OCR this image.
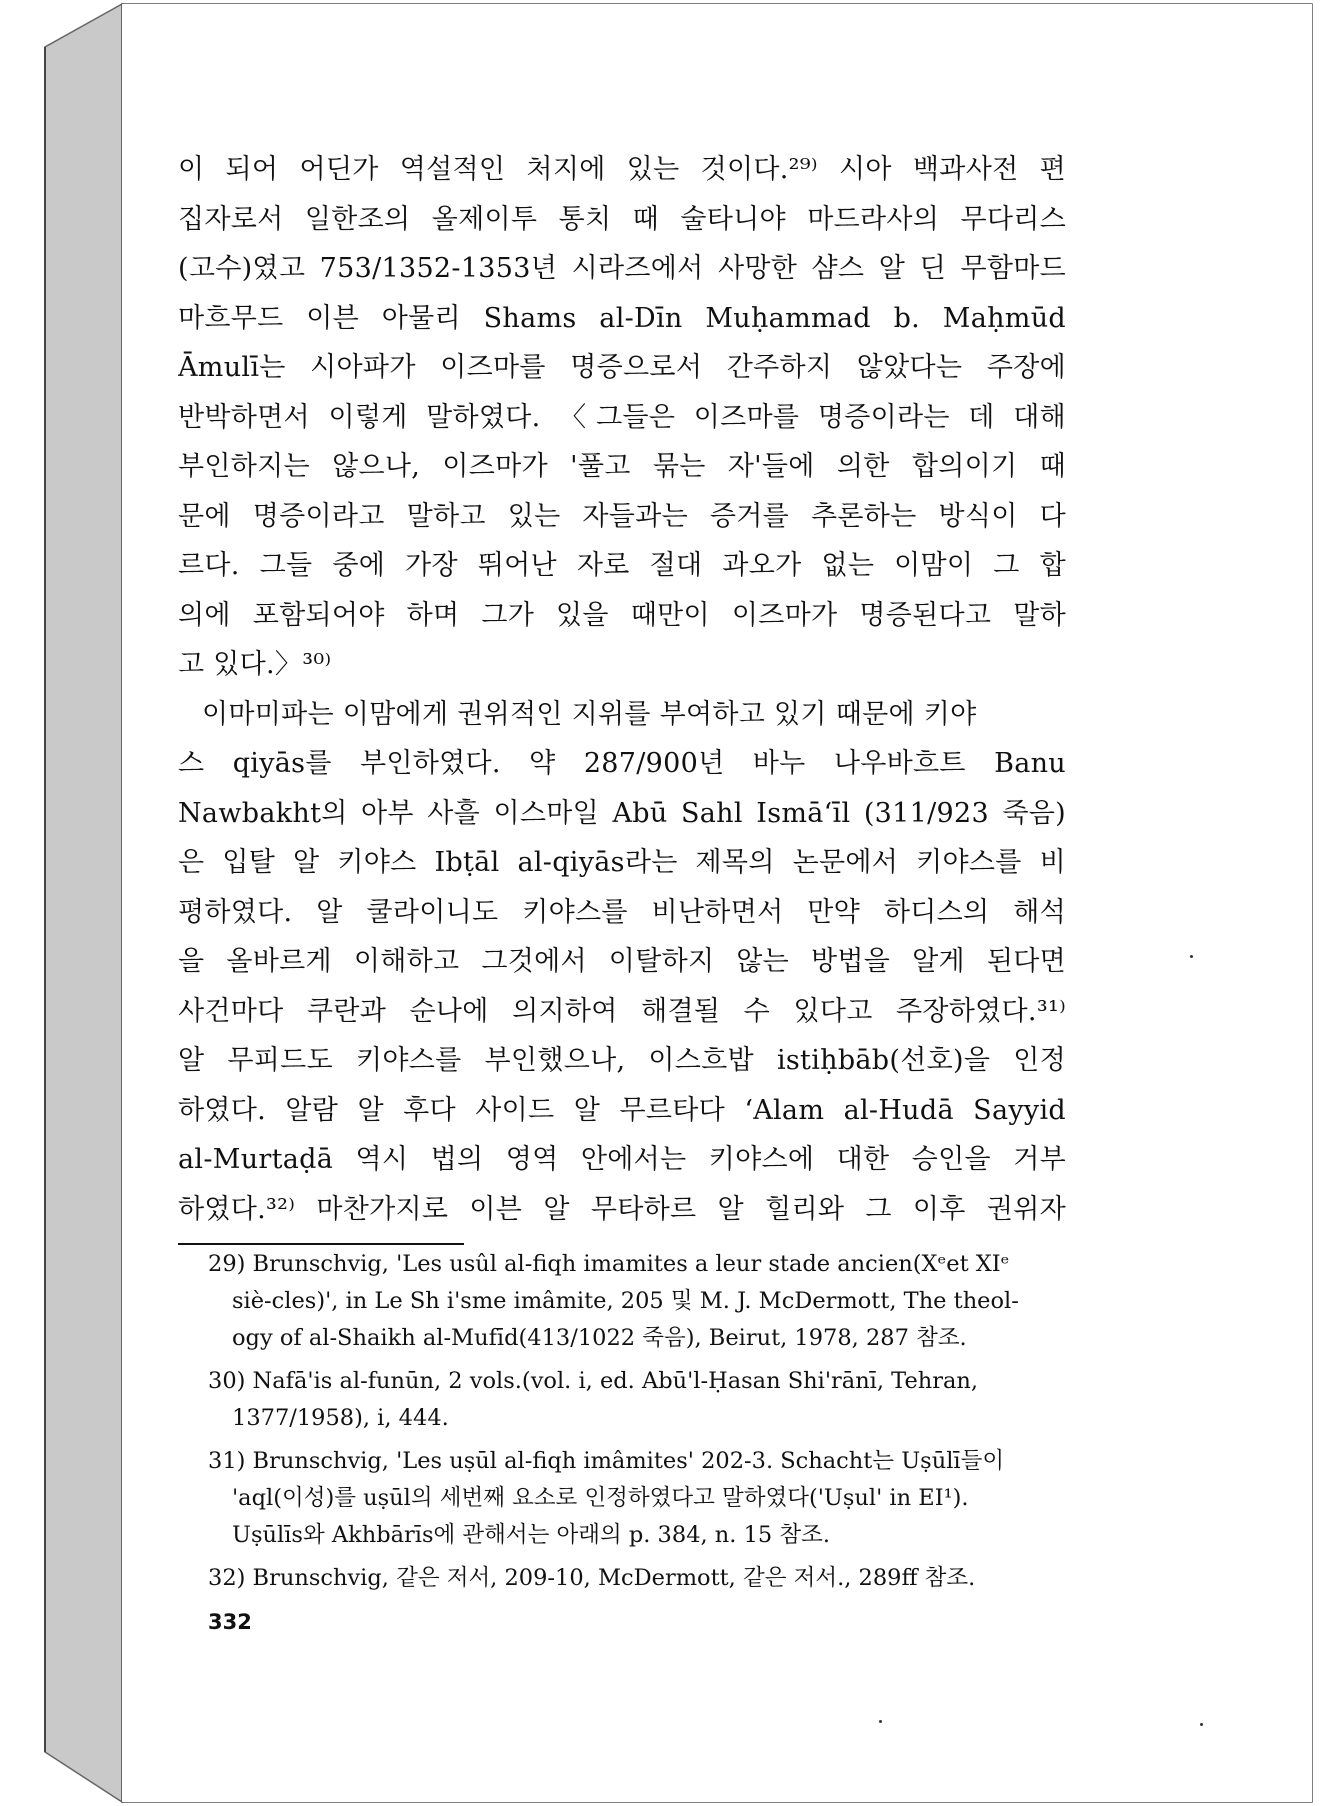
이 되어 어딘가 역설적인 처지에 있는 것이다.²⁹⁾ 시아 백과사전 편
집자로서 일한조의 올제이투 통치 때 술타니야 마드라사의 무다리스
(고수)였고 753/1352-1353년 시라즈에서 사망한 샴스 알 딘 무함마드
마흐무드 이븐 아물리 Shams al-Dīn Muḥammad b. Maḥmūd
Āmulī는 시아파가 이즈마를 명증으로서 간주하지 않았다는 주장에
반박하면서 이렇게 말하였다. 〈그들은 이즈마를 명증이라는 데 대해
부인하지는 않으나, 이즈마가 '풀고 묶는 자'들에 의한 합의이기 때
문에 명증이라고 말하고 있는 자들과는 증거를 추론하는 방식이 다
르다. 그들 중에 가장 뛰어난 자로 절대 과오가 없는 이맘이 그 합
의에 포함되어야 하며 그가 있을 때만이 이즈마가 명증된다고 말하
고 있다.〉³⁰⁾
이마미파는 이맘에게 권위적인 지위를 부여하고 있기 때문에 키야
스 qiyās를 부인하였다. 약 287/900년 바누 나우바흐트 Banu
Nawbakht의 아부 사흘 이스마일 Abū Sahl Ismāʻīl (311/923 죽음)
은 입탈 알 키야스 Ibṭāl al-qiyās라는 제목의 논문에서 키야스를 비
평하였다. 알 쿨라이니도 키야스를 비난하면서 만약 하디스의 해석
을 올바르게 이해하고 그것에서 이탈하지 않는 방법을 알게 된다면
사건마다 쿠란과 순나에 의지하여 해결될 수 있다고 주장하였다.³¹⁾
알 무피드도 키야스를 부인했으나, 이스흐밥 istiḥbāb(선호)을 인정
하였다. 알람 알 후다 사이드 알 무르타다 ʻAlam al-Hudā Sayyid
al-Murtaḍā 역시 법의 영역 안에서는 키야스에 대한 승인을 거부
하였다.³²⁾ 마찬가지로 이븐 알 무타하르 알 힐리와 그 이후 권위자
29) Brunschvig, 'Les usûl al-fiqh imamites a leur stade ancien(Xᵉet XIᵉ
siè-cles)', in Le Sh i'sme imâmite, 205 및 M. J. McDermott, The theol-
ogy of al-Shaikh al-Mufīd(413/1022 죽음), Beirut, 1978, 287 참조.
30) Nafā'is al-funūn, 2 vols.(vol. i, ed. Abū'l-Ḥasan Shi'rānī, Tehran,
1377/1958), i, 444.
31) Brunschvig, 'Les uṣūl al-fiqh imâmites' 202-3. Schacht는 Uṣūlī들이
'aql(이성)를 uṣūl의 세번째 요소로 인정하였다고 말하였다('Uṣul' in EI¹).
Uṣūlīs와 Akhbārīs에 관해서는 아래의 p. 384, n. 15 참조.
32) Brunschvig, 같은 저서, 209-10, McDermott, 같은 저서., 289ff 참조.
332
